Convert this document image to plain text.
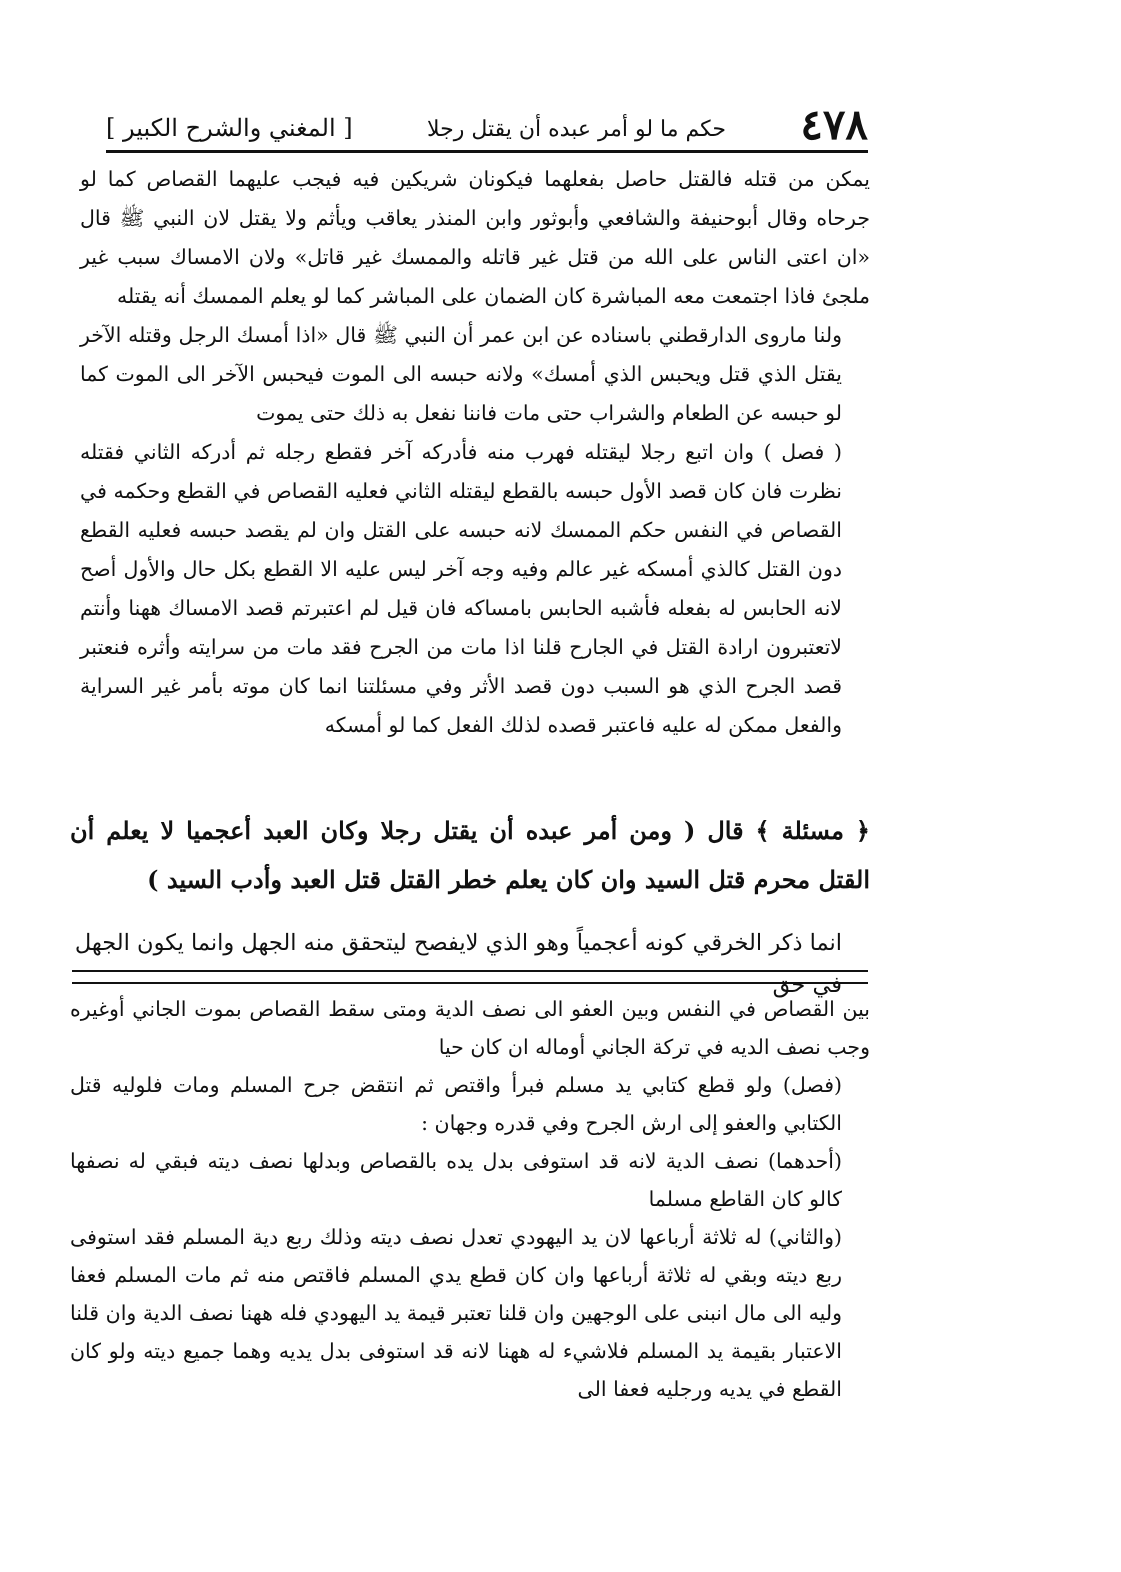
٤٧٨
حكم ما لو أمر عبده أن يقتل رجلا
[ المغني والشرح الكبير ]

يمكن من قتله فالقتل حاصل بفعلهما فيكونان شريكين فيه فيجب عليهما القصاص كما لو جرحاه وقال أبوحنيفة والشافعي وأبوثور وابن المنذر يعاقب ويأثم ولا يقتل لان النبي ﷺ قال «ان اعتى الناس على الله من قتل غير قاتله والممسك غير قاتل» ولان الامساك سبب غير ملجئ فاذا اجتمعت معه المباشرة كان الضمان على المباشر كما لو يعلم الممسك أنه يقتله

ولنا ماروى الدارقطني باسناده عن ابن عمر أن النبي ﷺ قال «اذا أمسك الرجل وقتله الآخر يقتل الذي قتل ويحبس الذي أمسك» ولانه حبسه الى الموت فيحبس الآخر الى الموت كما لو حبسه عن الطعام والشراب حتى مات فاننا نفعل به ذلك حتى يموت

( فصل ) وان اتبع رجلا ليقتله فهرب منه فأدركه آخر فقطع رجله ثم أدركه الثاني فقتله نظرت فان كان قصد الأول حبسه بالقطع ليقتله الثاني فعليه القصاص في القطع وحكمه في القصاص في النفس حكم الممسك لانه حبسه على القتل وان لم يقصد حبسه فعليه القطع دون القتل كالذي أمسكه غير عالم وفيه وجه آخر ليس عليه الا القطع بكل حال والأول أصح لانه الحابس له بفعله فأشبه الحابس بامساكه فان قيل لم اعتبرتم قصد الامساك ههنا وأنتم لاتعتبرون ارادة القتل في الجارح قلنا اذا مات من الجرح فقد مات من سرايته وأثره فنعتبر قصد الجرح الذي هو السبب دون قصد الأثر وفي مسئلتنا انما كان موته بأمر غير السراية والفعل ممكن له عليه فاعتبر قصده لذلك الفعل كما لو أمسكه

﴿ مسئلة ﴾ قال ( ومن أمر عبده أن يقتل رجلا وكان العبد أعجميا لا يعلم أن القتل محرم قتل السيد وان كان يعلم خطر القتل قتل العبد وأدب السيد )

انما ذكر الخرقي كونه أعجمياً وهو الذي لايفصح ليتحقق منه الجهل وانما يكون الجهل في حق

بين القصاص في النفس وبين العفو الى نصف الدية ومتى سقط القصاص بموت الجاني أوغيره وجب نصف الديه في تركة الجاني أوماله ان كان حيا

(فصل) ولو قطع كتابي يد مسلم فبرأ واقتص ثم انتقض جرح المسلم ومات فلوليه قتل الكتابي والعفو إلى ارش الجرح وفي قدره وجهان :

(أحدهما) نصف الدية لانه قد استوفى بدل يده بالقصاص وبدلها نصف ديته فبقي له نصفها كالو كان القاطع مسلما

(والثاني) له ثلاثة أرباعها لان يد اليهودي تعدل نصف ديته وذلك ربع دية المسلم فقد استوفى ربع ديته وبقي له ثلاثة أرباعها وان كان قطع يدي المسلم فاقتص منه ثم مات المسلم فعفا وليه الى مال انبنى على الوجهين وان قلنا تعتبر قيمة يد اليهودي فله ههنا نصف الدية وان قلنا الاعتبار بقيمة يد المسلم فلاشيء له ههنا لانه قد استوفى بدل يديه وهما جميع ديته ولو كان القطع في يديه ورجليه فعفا الى
